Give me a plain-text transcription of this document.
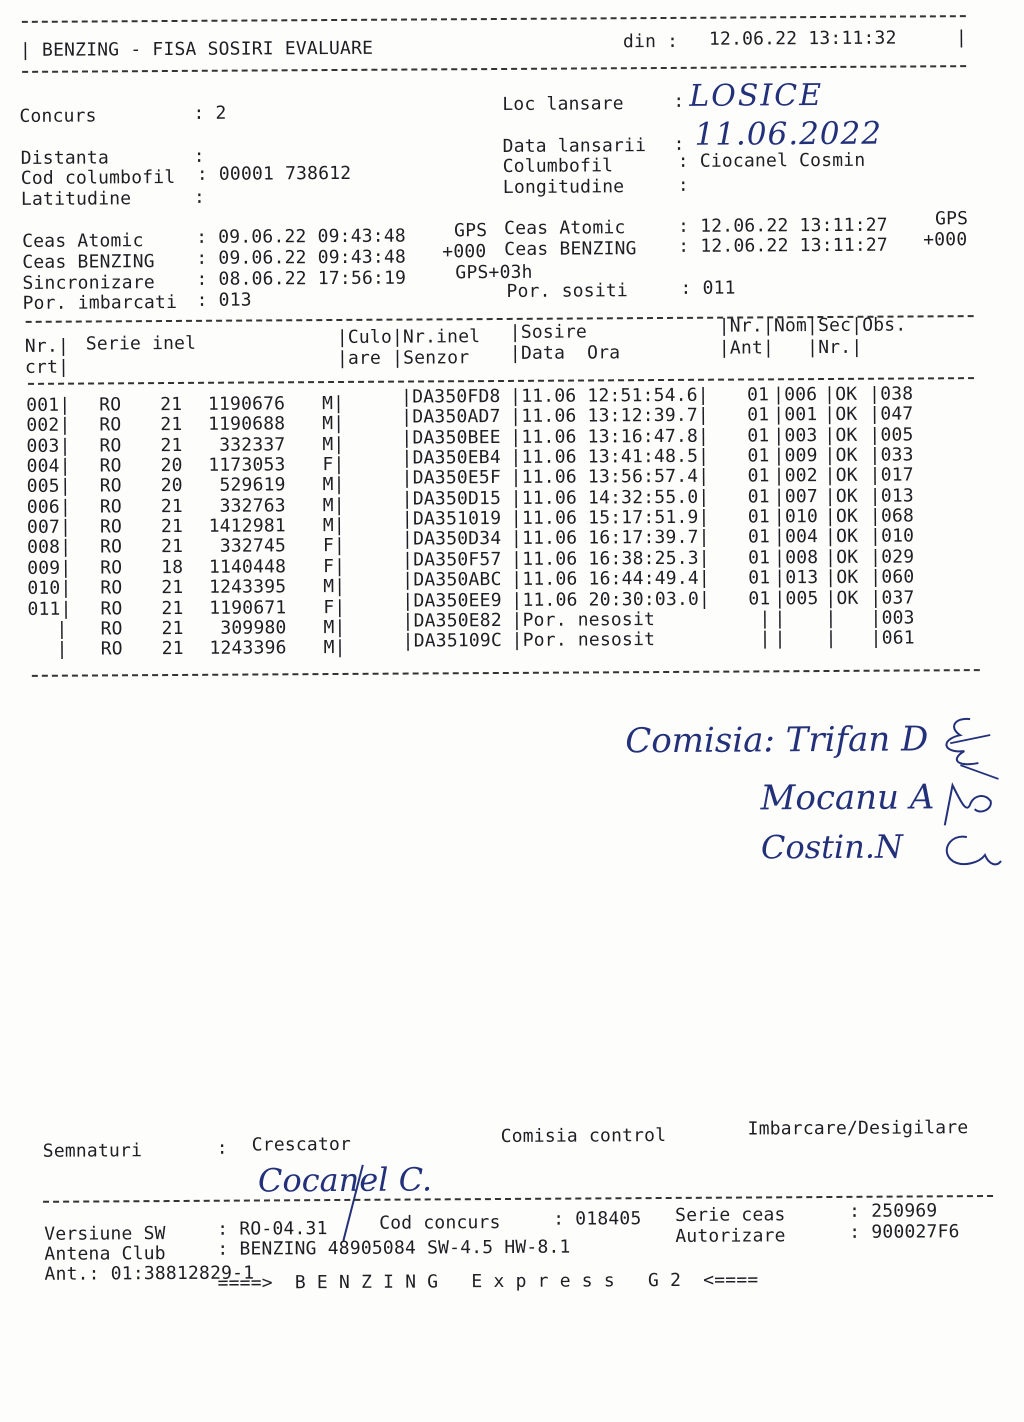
| BENZING - FISA SOSIRI EVALUARE	din : 12.06.22 13:11:32	|
Concurs	: 2
Distanta	:
Cod columbofil : 00001 738612
Latitudine	:
Loc lansare	: LOSICE
Data lansarii : 11.06.2022
Columbofil	: Ciocanel Cosmin
Longitudine	:
Ceas Atomic	: 09.06.22 09:43:48	GPS
Ceas BENZING : 09.06.22 09:43:48 +000
Sincronizare : 08.06.22 17:56:19	GPS+03h
Por. imbarcati : 013
Ceas Atomic	: 12.06.22 13:11:27	GPS
Ceas BENZING : 12.06.22 13:11:27 +000
Por. sositi	: 011
Nr.|
crt|
Serie inel	|Culo|Nr.inel
|are |Senzor
|Sosire
|Data  Ora
|Nr.|Nom|Sec|Obs.
|Ant|   |Nr.|
001| RO 21	1190676	M|	|DA350FD8 |11.06 12:51:54.6| 01 |006 |OK |038
002| RO 21	1190688	M|	|DA350AD7 |11.06 13:12:39.7| 01 |001 |OK |047
003| RO 21	332337	M|	|DA350BEE |11.06 13:16:47.8| 01 |003 |OK |005
004| RO 20	1173053	F|	|DA350EB4 |11.06 13:41:48.5| 01 |009 |OK |033
005| RO 20	529619	M|	|DA350E5F |11.06 13:56:57.4| 01 |002 |OK |017
006| RO 21	332763	M|	|DA350D15 |11.06 14:32:55.0| 01 |007 |OK |013
007| RO 21	1412981	M|	|DA351019 |11.06 15:17:51.9| 01 |010 |OK |068
008| RO 21	332745	F|	|DA350D34 |11.06 16:17:39.7| 01 |004 |OK |010
009| RO 18	1140448	F|	|DA350F57 |11.06 16:38:25.3| 01 |008 |OK |029
010| RO 21	1243395	M|	|DA350ABC |11.06 16:44:49.4| 01 |013 |OK |060
011| RO 21	1190671	F|	|DA350EE9 |11.06 20:30:03.0| 01 |005 |OK |037
| RO 21	309980	M|	|DA350E82 |Por. nesosit	| | | |003
| RO 21	1243396	M|	|DA35109C |Por. nesosit	| | | |061
Comisia: Trifan D
Mocanu A
Costin.N
Semnaturi	: Crescator	Comisia control	Imbarcare/Desigilare
Cocanel C.
Versiune SW	: RO-04.31	Cod concurs	: 018405 Serie ceas	: 250969
Antena Club	: BENZING 48905084 SW-4.5 HW-8.1
Autorizare	: 900027F6
Ant.: 01:38812829-1
====>  B E N Z I N G   E x p r e s s   G 2  <====
